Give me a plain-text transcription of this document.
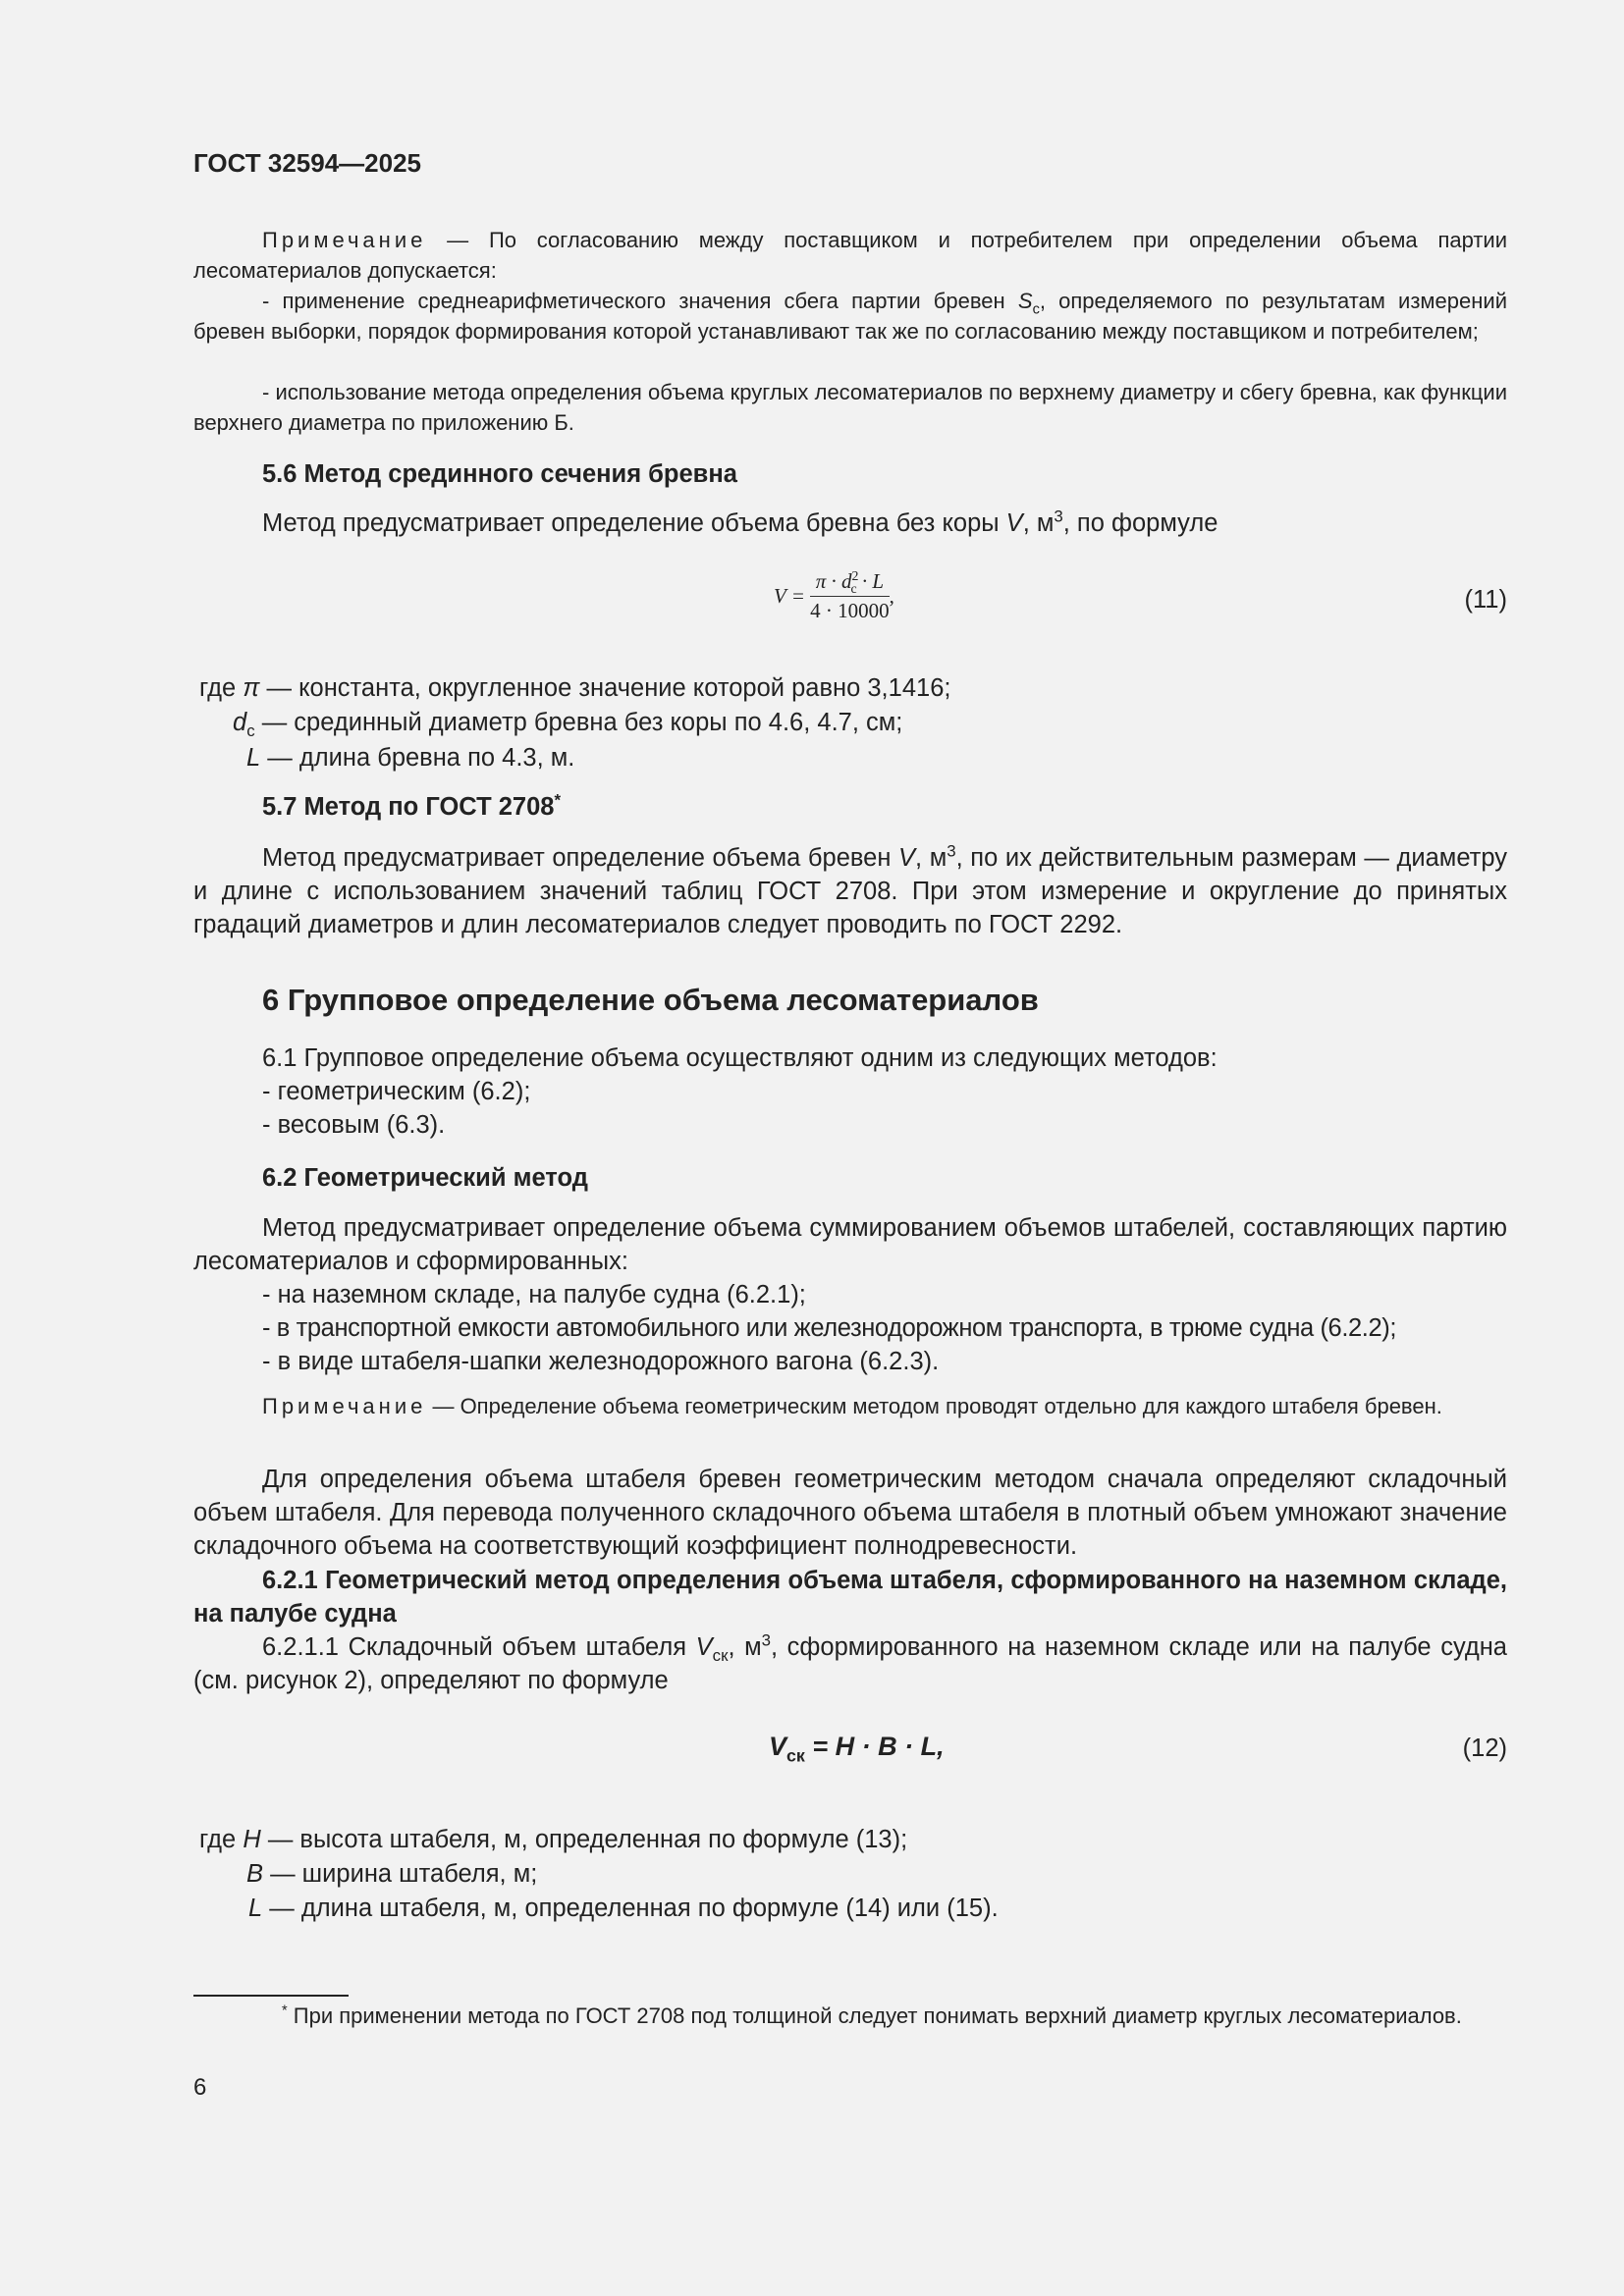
ГОСТ 32594—2025
Примечание — По согласованию между поставщиком и потребителем при определении объема партии лесоматериалов допускается:
- применение среднеарифметического значения сбега партии бревен $S_c$, определяемого по результатам измерений бревен выборки, порядок формирования которой устанавливают так же по согласованию между поставщиком и потребителем;
- использование метода определения объема круглых лесоматериалов по верхнему диаметру и сбегу бревна, как функции верхнего диаметра по приложению Б.
5.6 Метод срединного сечения бревна
Метод предусматривает определение объема бревна без коры V, $м^3$, по формуле
$V = \frac{\pi \cdot d^2_c \cdot L}{4 \cdot 10000}$ ,	(11)
где π — константа, округленное значение которой равно 3,1416;
$d_c$ — срединный диаметр бревна без коры по 4.6, 4.7, см;
L — длина бревна по 4.3, м.
5.7 Метод по ГОСТ 2708*
Метод предусматривает определение объема бревен V, $м^3$, по их действительным размерам — диаметру и длине с использованием значений таблиц ГОСТ 2708. При этом измерение и округление до принятых градаций диаметров и длин лесоматериалов следует проводить по ГОСТ 2292.
6 Групповое определение объема лесоматериалов
6.1 Групповое определение объема осуществляют одним из следующих методов:
- геометрическим (6.2);
- весовым (6.3).
6.2 Геометрический метод
Метод предусматривает определение объема суммированием объемов штабелей, составляющих партию лесоматериалов и сформированных:
- на наземном складе, на палубе судна (6.2.1);
- в транспортной емкости автомобильного или железнодорожном транспорта, в трюме судна (6.2.2);
- в виде штабеля-шапки железнодорожного вагона (6.2.3).
Примечание — Определение объема геометрическим методом проводят отдельно для каждого штабеля бревен.
Для определения объема штабеля бревен геометрическим методом сначала определяют складочный объем штабеля. Для перевода полученного складочного объема штабеля в плотный объем умножают значение складочного объема на соответствующий коэффициент полнодревесности.
6.2.1 Геометрический метод определения объема штабеля, сформированного на наземном складе, на палубе судна
6.2.1.1 Складочный объем штабеля $V_{ск}$, $м^3$, сформированного на наземном складе или на палубе судна (см. рисунок 2), определяют по формуле
$V_{ск} = H \cdot B \cdot L$,	(12)
где H — высота штабеля, м, определенная по формуле (13);
B — ширина штабеля, м;
L — длина штабеля, м, определенная по формуле (14) или (15).
* При применении метода по ГОСТ 2708 под толщиной следует понимать верхний диаметр круглых лесоматериалов.
6
